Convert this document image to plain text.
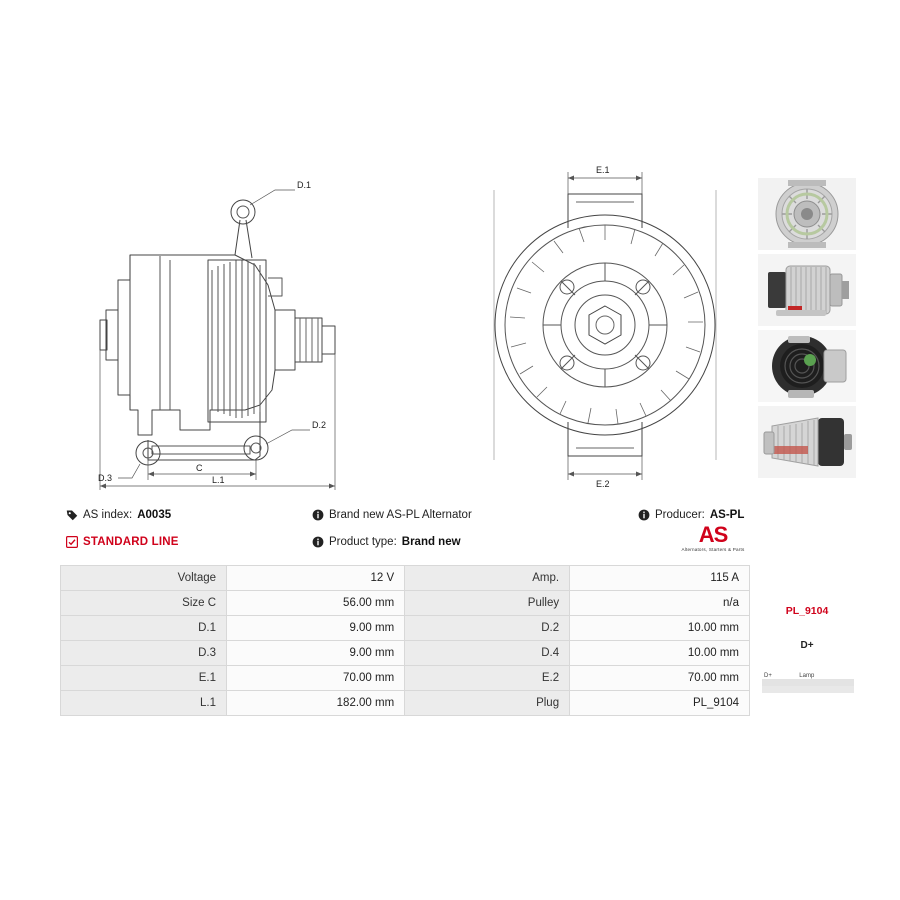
D.1
D.2
D.3
C
L.1
E.1
E.2
AS index: A0035
STANDARD LINE
Brand new AS-PL Alternator
Product type: Brand new
Producer: AS-PL
AS
Alternators, Starters & Parts
Voltage	12 V	Amp.	115 A
Size C	56.00 mm	Pulley	n/a
D.1	9.00 mm	D.2	10.00 mm
D.3	9.00 mm	D.4	10.00 mm
E.1	70.00 mm	E.2	70.00 mm
L.1	182.00 mm	Plug	PL_9104
PL_9104
D+
D+	Lamp
